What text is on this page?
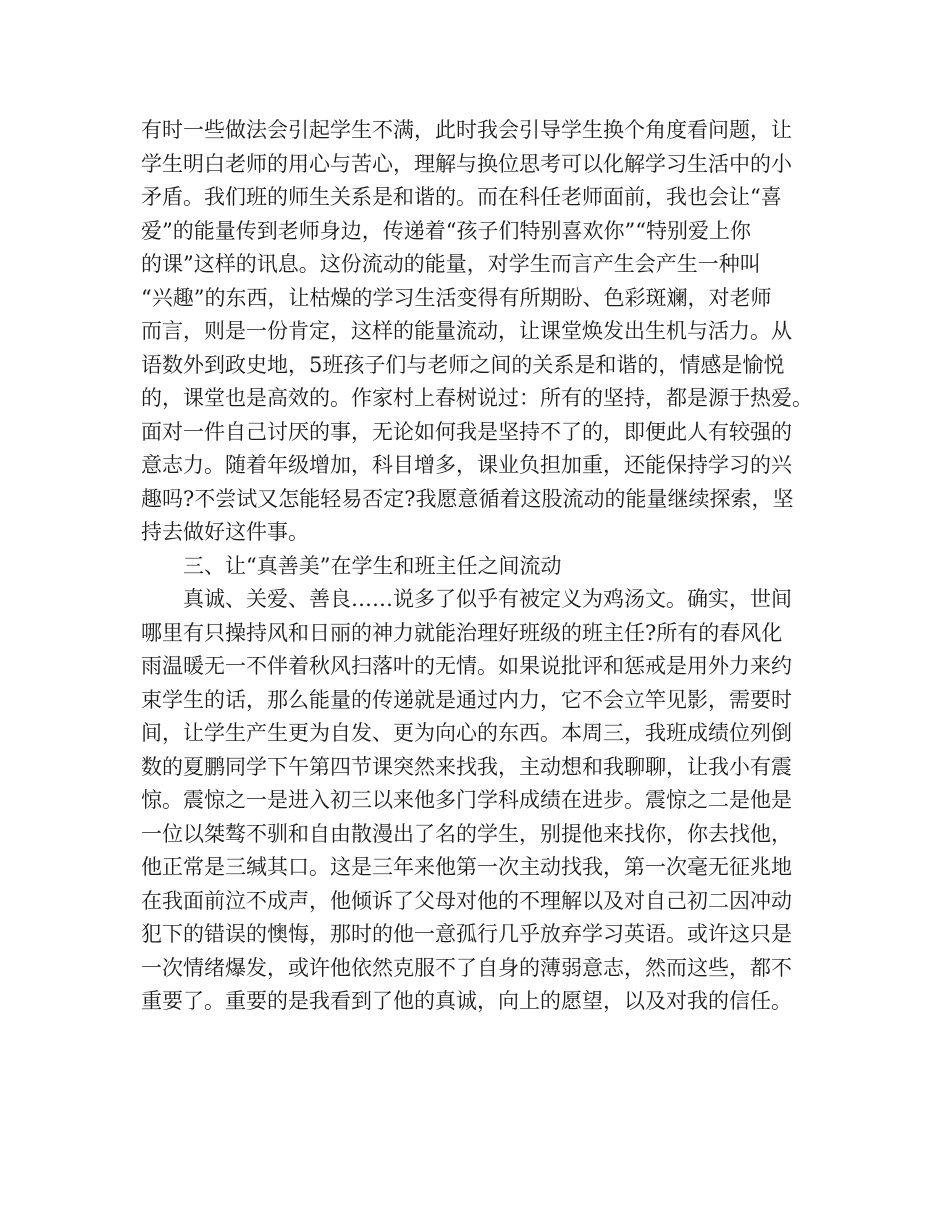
有时一些做法会引起学生不满，此时我会引导学生换个角度看问题，让
学生明白老师的用心与苦心，理解与换位思考可以化解学习生活中的小
矛盾。我们班的师生关系是和谐的。而在科任老师面前，我也会让“喜
爱”的能量传到老师身边，传递着“孩子们特别喜欢你”“特别爱上你
的课”这样的讯息。这份流动的能量，对学生而言产生会产生一种叫
“兴趣”的东西，让枯燥的学习生活变得有所期盼、色彩斑斓，对老师
而言，则是一份肯定，这样的能量流动，让课堂焕发出生机与活力。从
语数外到政史地，5班孩子们与老师之间的关系是和谐的，情感是愉悦
的，课堂也是高效的。作家村上春树说过：所有的坚持，都是源于热爱。
面对一件自己讨厌的事，无论如何我是坚持不了的，即便此人有较强的
意志力。随着年级增加，科目增多，课业负担加重，还能保持学习的兴
趣吗?不尝试又怎能轻易否定?我愿意循着这股流动的能量继续探索，坚
持去做好这件事。
三、让“真善美”在学生和班主任之间流动
真诚、关爱、善良……说多了似乎有被定义为鸡汤文。确实，世间
哪里有只操持风和日丽的神力就能治理好班级的班主任?所有的春风化
雨温暖无一不伴着秋风扫落叶的无情。如果说批评和惩戒是用外力来约
束学生的话，那么能量的传递就是通过内力，它不会立竿见影，需要时
间，让学生产生更为自发、更为向心的东西。本周三，我班成绩位列倒
数的夏鹏同学下午第四节课突然来找我，主动想和我聊聊，让我小有震
惊。震惊之一是进入初三以来他多门学科成绩在进步。震惊之二是他是
一位以桀骜不驯和自由散漫出了名的学生，别提他来找你，你去找他，
他正常是三缄其口。这是三年来他第一次主动找我，第一次毫无征兆地
在我面前泣不成声，他倾诉了父母对他的不理解以及对自己初二因冲动
犯下的错误的懊悔，那时的他一意孤行几乎放弃学习英语。或许这只是
一次情绪爆发，或许他依然克服不了自身的薄弱意志，然而这些，都不
重要了。重要的是我看到了他的真诚，向上的愿望，以及对我的信任。
